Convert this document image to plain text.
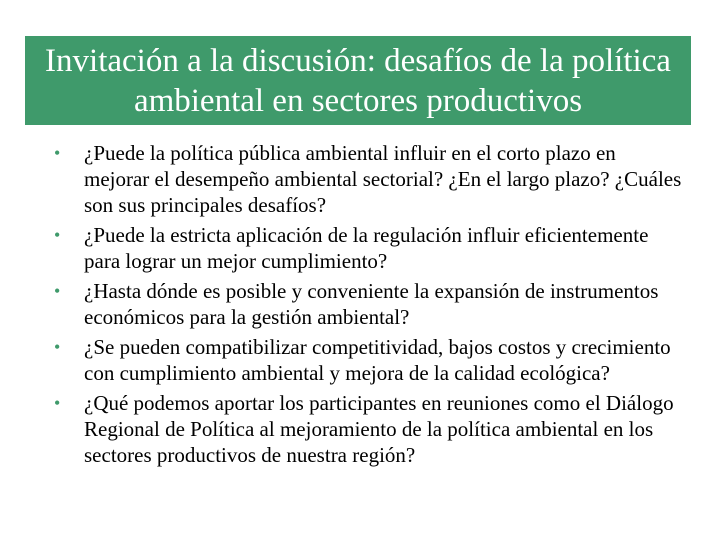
Invitación a la discusión: desafíos de la política ambiental en sectores productivos
• ¿Puede la política pública ambiental influir en el corto plazo en mejorar el desempeño ambiental sectorial? ¿En el largo plazo? ¿Cuáles son sus principales desafíos?
• ¿Puede la estricta aplicación de la regulación influir eficientemente para lograr un mejor cumplimiento?
• ¿Hasta dónde es posible y conveniente la expansión de instrumentos económicos para la gestión ambiental?
• ¿Se pueden compatibilizar competitividad, bajos costos y crecimiento con cumplimiento ambiental y mejora de la calidad ecológica?
• ¿Qué podemos aportar los participantes en reuniones como el Diálogo Regional de Política al mejoramiento de la política ambiental en los sectores productivos de nuestra región?
